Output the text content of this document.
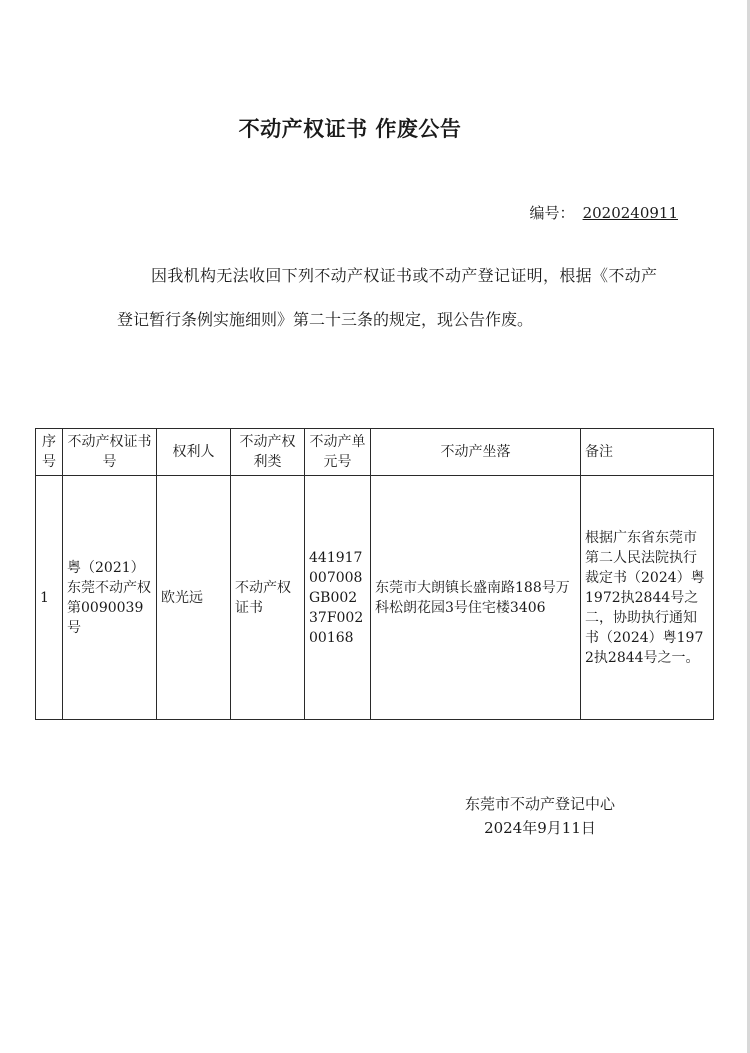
不动产权证书 作废公告
编号： 2020240911
因我机构无法收回下列不动产权证书或不动产登记证明，根据《不动产登记暂行条例实施细则》第二十三条的规定，现公告作废。
序号	不动产权证书号	权利人	不动产权利类	不动产单元号	不动产坐落	备注
1	粤（2021）东莞不动产权第0090039号	欧光远	不动产权证书	441917007008GB00237F00200168	东莞市大朗镇长盛南路188号万科松朗花园3号住宅楼3406	根据广东省东莞市第二人民法院执行裁定书（2024）粤1972执2844号之二，协助执行通知书（2024）粤1972执2844号之一。
东莞市不动产登记中心
2024年9月11日
